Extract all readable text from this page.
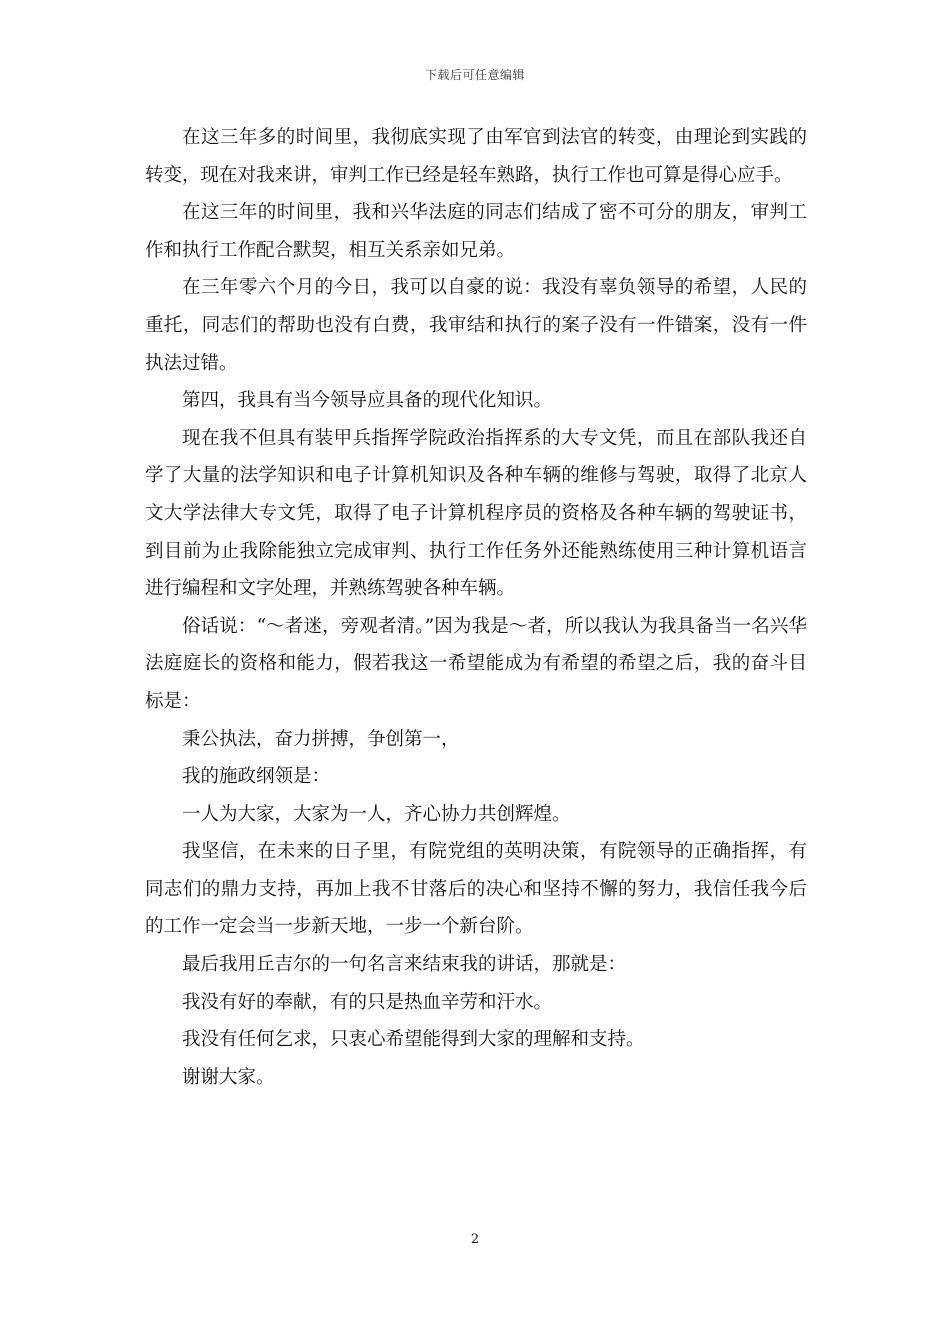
下载后可任意编辑

在这三年多的时间里，我彻底实现了由军官到法官的转变，由理论到实践的转变，现在对我来讲，审判工作已经是轻车熟路，执行工作也可算是得心应手。

在这三年的时间里，我和兴华法庭的同志们结成了密不可分的朋友，审判工作和执行工作配合默契，相互关系亲如兄弟。

在三年零六个月的今日，我可以自豪的说：我没有辜负领导的希望，人民的重托，同志们的帮助也没有白费，我审结和执行的案子没有一件错案，没有一件执法过错。

第四，我具有当今领导应具备的现代化知识。

现在我不但具有装甲兵指挥学院政治指挥系的大专文凭，而且在部队我还自学了大量的法学知识和电子计算机知识及各种车辆的维修与驾驶，取得了北京人文大学法律大专文凭，取得了电子计算机程序员的资格及各种车辆的驾驶证书，到目前为止我除能独立完成审判、执行工作任务外还能熟练使用三种计算机语言进行编程和文字处理，并熟练驾驶各种车辆。

俗话说：“～者迷，旁观者清。”因为我是～者，所以我认为我具备当一名兴华法庭庭长的资格和能力，假若我这一希望能成为有希望的希望之后，我的奋斗目标是：

秉公执法，奋力拼搏，争创第一，

我的施政纲领是：

一人为大家，大家为一人，齐心协力共创辉煌。

我坚信，在未来的日子里，有院党组的英明决策，有院领导的正确指挥，有同志们的鼎力支持，再加上我不甘落后的决心和坚持不懈的努力，我信任我今后的工作一定会当一步新天地，一步一个新台阶。

最后我用丘吉尔的一句名言来结束我的讲话，那就是：

我没有好的奉献，有的只是热血辛劳和汗水。

我没有任何乞求，只衷心希望能得到大家的理解和支持。

谢谢大家。

2
